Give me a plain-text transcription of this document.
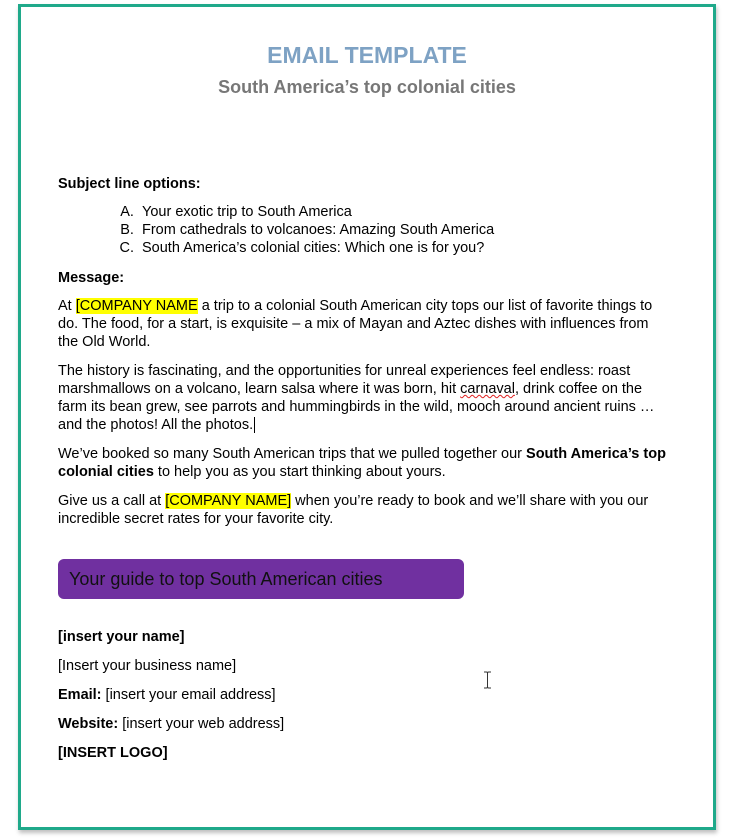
EMAIL TEMPLATE
South America’s top colonial cities
Subject line options:
A. Your exotic trip to South America
B. From cathedrals to volcanoes: Amazing South America
C. South America’s colonial cities: Which one is for you?
Message:

At [COMPANY NAME a trip to a colonial South American city tops our list of favorite things to do. The food, for a start, is exquisite – a mix of Mayan and Aztec dishes with influences from the Old World.

The history is fascinating, and the opportunities for unreal experiences feel endless: roast marshmallows on a volcano, learn salsa where it was born, hit carnaval, drink coffee on the farm its bean grew, see parrots and hummingbirds in the wild, mooch around ancient ruins … and the photos! All the photos.

We’ve booked so many South American trips that we pulled together our South America’s top colonial cities to help you as you start thinking about yours.

Give us a call at [COMPANY NAME] when you’re ready to book and we’ll share with you our incredible secret rates for your favorite city.

Your guide to top South American cities
[insert your name]
[Insert your business name]
Email: [insert your email address]
Website: [insert your web address]
[INSERT LOGO]
